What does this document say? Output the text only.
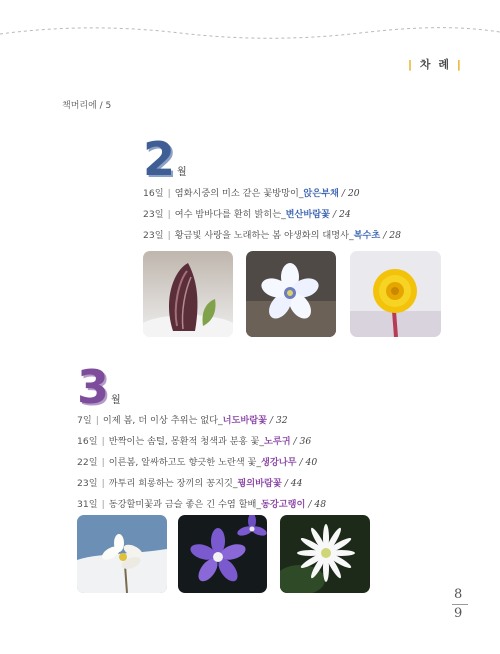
| 차 례 |
책머리에 / 5
2 월
16일 | 염화시중의 미소 같은 꽃방망이_앉은부채 / 20
23일 | 여수 밤바다를 환히 밝히는_변산바람꽃 / 24
23일 | 황금빛 사랑을 노래하는 봄 야생화의 대명사_복수초 / 28
3 월
7일 | 이제 봄, 더 이상 추위는 없다_너도바람꽃 / 32
16일 | 반짝이는 솜털, 몽환적 청색과 분홍 꽃_노루귀 / 36
22일 | 이른봄, 알싸하고도 향긋한 노란색 꽃_생강나무 / 40
23일 | 까투리 희롱하는 장끼의 꽁지깃_꿩의바람꽃 / 44
31일 | 동강할미꽃과 금슬 좋은 긴 수염 할배_동강고랭이 / 48
8
9
